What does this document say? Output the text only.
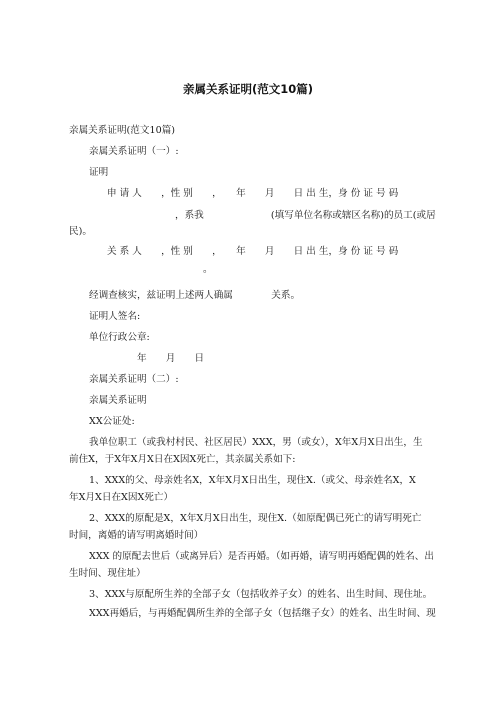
亲属关系证明(范文10篇)
亲属关系证明(范文10篇)
亲属关系证明（一）:
证明
申 请 人　　，性 别　　，　　年　　月　　日 出 生，身 份 证 号 码
，系我　　　　　　　(填写单位名称或辖区名称)的员工(或居
民)。
关 系 人　　，性 别　　，　　年　　月　　日 出 生，身 份 证 号 码
。
经调查核实，兹证明上述两人确属　　　　关系。
证明人签名:
单位行政公章:
年　　月　　日
亲属关系证明（二）:
亲属关系证明
XX公证处:
我单位职工（或我村村民、社区居民）XXX，男（或女），X年X月X日出生，生
前住X，于X年X月X日在X因X死亡，其亲属关系如下:
1、XXX的父、母亲姓名X，X年X月X日出生，现住X.（或父、母亲姓名X，X
年X月X日在X因X死亡）
2、XXX的原配是X，X年X月X日出生，现住X.（如原配偶已死亡的请写明死亡
时间，离婚的请写明离婚时间）
XXX 的原配去世后（或离异后）是否再婚。（如再婚，请写明再婚配偶的姓名、出
生时间、现住址）
3、XXX与原配所生养的全部子女（包括收养子女）的姓名、出生时间、现住址。
XXX再婚后，与再婚配偶所生养的全部子女（包括继子女）的姓名、出生时间、现
